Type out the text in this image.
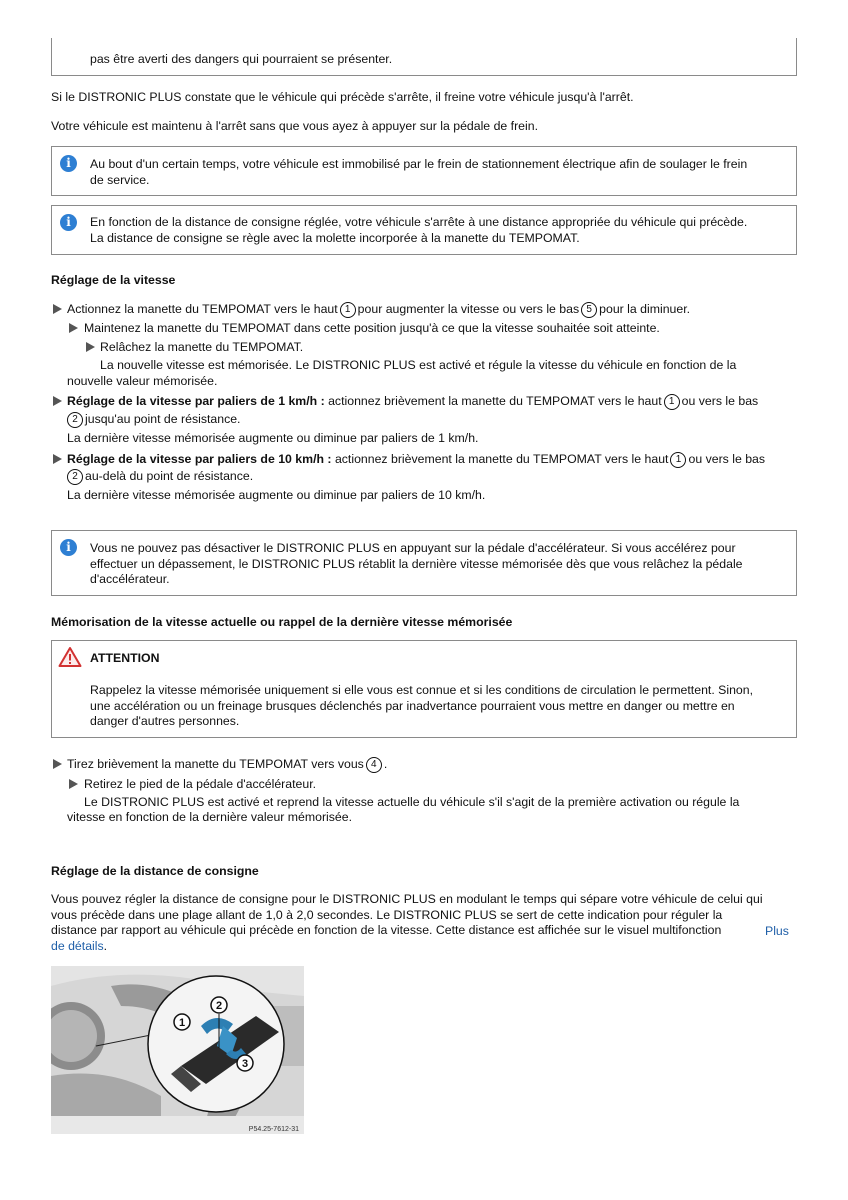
pas être averti des dangers qui pourraient se présenter.
Si le DISTRONIC PLUS constate que le véhicule qui précède s'arrête, il freine votre véhicule jusqu'à l'arrêt.
Votre véhicule est maintenu à l'arrêt sans que vous ayez à appuyer sur la pédale de frein.
i	Au bout d'un certain temps, votre véhicule est immobilisé par le frein de stationnement électrique afin de soulager le frein
de service.
i	En fonction de la distance de consigne réglée, votre véhicule s'arrête à une distance appropriée du véhicule qui précède.
La distance de consigne se règle avec la molette incorporée à la manette du TEMPOMAT.
Réglage de la vitesse
Actionnez la manette du TEMPOMAT vers le haut 1 pour augmenter la vitesse ou vers le bas 5 pour la diminuer.
Maintenez la manette du TEMPOMAT dans cette position jusqu'à ce que la vitesse souhaitée soit atteinte.
Relâchez la manette du TEMPOMAT.
La nouvelle vitesse est mémorisée. Le DISTRONIC PLUS est activé et régule la vitesse du véhicule en fonction de la
nouvelle valeur mémorisée.
Réglage de la vitesse par paliers de 1 km/h : actionnez brièvement la manette du TEMPOMAT vers le haut 1 ou vers le bas
2 jusqu'au point de résistance.
La dernière vitesse mémorisée augmente ou diminue par paliers de 1 km/h.
Réglage de la vitesse par paliers de 10 km/h : actionnez brièvement la manette du TEMPOMAT vers le haut 1 ou vers le bas
2 au-delà du point de résistance.
La dernière vitesse mémorisée augmente ou diminue par paliers de 10 km/h.
i	Vous ne pouvez pas désactiver le DISTRONIC PLUS en appuyant sur la pédale d'accélérateur. Si vous accélérez pour
effectuer un dépassement, le DISTRONIC PLUS rétablit la dernière vitesse mémorisée dès que vous relâchez la pédale
d'accélérateur.
Mémorisation de la vitesse actuelle ou rappel de la dernière vitesse mémorisée
ATTENTION
Rappelez la vitesse mémorisée uniquement si elle vous est connue et si les conditions de circulation le permettent. Sinon,
une accélération ou un freinage brusques déclenchés par inadvertance pourraient vous mettre en danger ou mettre en
danger d'autres personnes.
Tirez brièvement la manette du TEMPOMAT vers vous 4 .
Retirez le pied de la pédale d'accélérateur.
Le DISTRONIC PLUS est activé et reprend la vitesse actuelle du véhicule s'il s'agit de la première activation ou régule la
vitesse en fonction de la dernière valeur mémorisée.
Réglage de la distance de consigne
Vous pouvez régler la distance de consigne pour le DISTRONIC PLUS en modulant le temps qui sépare votre véhicule de celui qui
vous précède dans une plage allant de 1,0 à 2,0 secondes. Le DISTRONIC PLUS se sert de cette indication pour réguler la
distance par rapport au véhicule qui précède en fonction de la vitesse. Cette distance est affichée sur le visuel multifonction	Plus
de détails.
1
2
3
P54.25-7612-31
